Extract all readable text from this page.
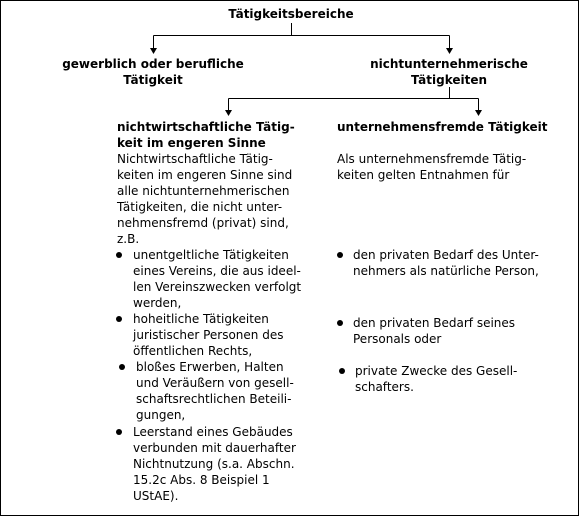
Tätigkeitsbereiche
gewerblich oder berufliche
Tätigkeit
nichtunternehmerische
Tätigkeiten
nichtwirtschaftliche Tätig-
keit im engeren Sinne
Nichtwirtschaftliche Tätig-
keiten im engeren Sinne sind
alle nichtunternehmerischen
Tätigkeiten, die nicht unter-
nehmensfremd (privat) sind,
z.B.
unentgeltliche Tätigkeiten
eines Vereins, die aus ideel-
len Vereinszwecken verfolgt
werden,
hoheitliche Tätigkeiten
juristischer Personen des
öffentlichen Rechts,
bloßes Erwerben, Halten
und Veräußern von gesell-
schaftsrechtlichen Beteili-
gungen,
Leerstand eines Gebäudes
verbunden mit dauerhafter
Nichtnutzung (s.a. Abschn.
15.2c Abs. 8 Beispiel 1
UStAE).
unternehmensfremde Tätigkeit
Als unternehmensfremde Tätig-
keiten gelten Entnahmen für
den privaten Bedarf des Unter-
nehmers als natürliche Person,
den privaten Bedarf seines
Personals oder
private Zwecke des Gesell-
schafters.
